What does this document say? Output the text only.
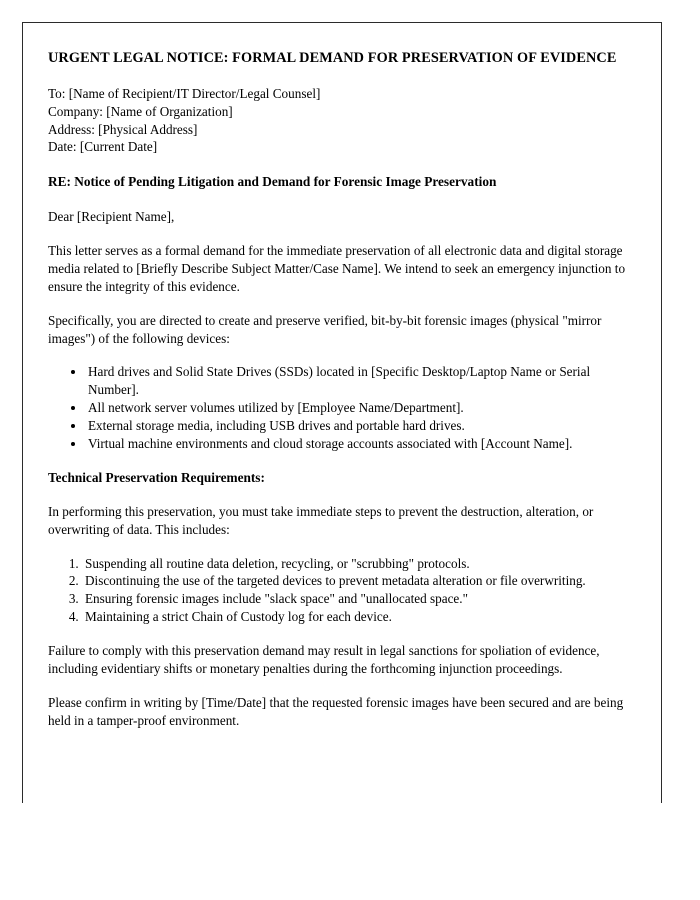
URGENT LEGAL NOTICE: FORMAL DEMAND FOR PRESERVATION OF EVIDENCE
To: [Name of Recipient/IT Director/Legal Counsel]
Company: [Name of Organization]
Address: [Physical Address]
Date: [Current Date]
RE: Notice of Pending Litigation and Demand for Forensic Image Preservation
Dear [Recipient Name],

This letter serves as a formal demand for the immediate preservation of all electronic data and digital storage media related to [Briefly Describe Subject Matter/Case Name]. We intend to seek an emergency injunction to ensure the integrity of this evidence.

Specifically, you are directed to create and preserve verified, bit-by-bit forensic images (physical "mirror images") of the following devices:

• Hard drives and Solid State Drives (SSDs) located in [Specific Desktop/Laptop Name or Serial Number].
• All network server volumes utilized by [Employee Name/Department].
• External storage media, including USB drives and portable hard drives.
• Virtual machine environments and cloud storage accounts associated with [Account Name].
Technical Preservation Requirements:

In performing this preservation, you must take immediate steps to prevent the destruction, alteration, or overwriting of data. This includes:

1. Suspending all routine data deletion, recycling, or "scrubbing" protocols.
2. Discontinuing the use of the targeted devices to prevent metadata alteration or file overwriting.
3. Ensuring forensic images include "slack space" and "unallocated space."
4. Maintaining a strict Chain of Custody log for each device.

Failure to comply with this preservation demand may result in legal sanctions for spoliation of evidence, including evidentiary shifts or monetary penalties during the forthcoming injunction proceedings.

Please confirm in writing by [Time/Date] that the requested forensic images have been secured and are being held in a tamper-proof environment.
